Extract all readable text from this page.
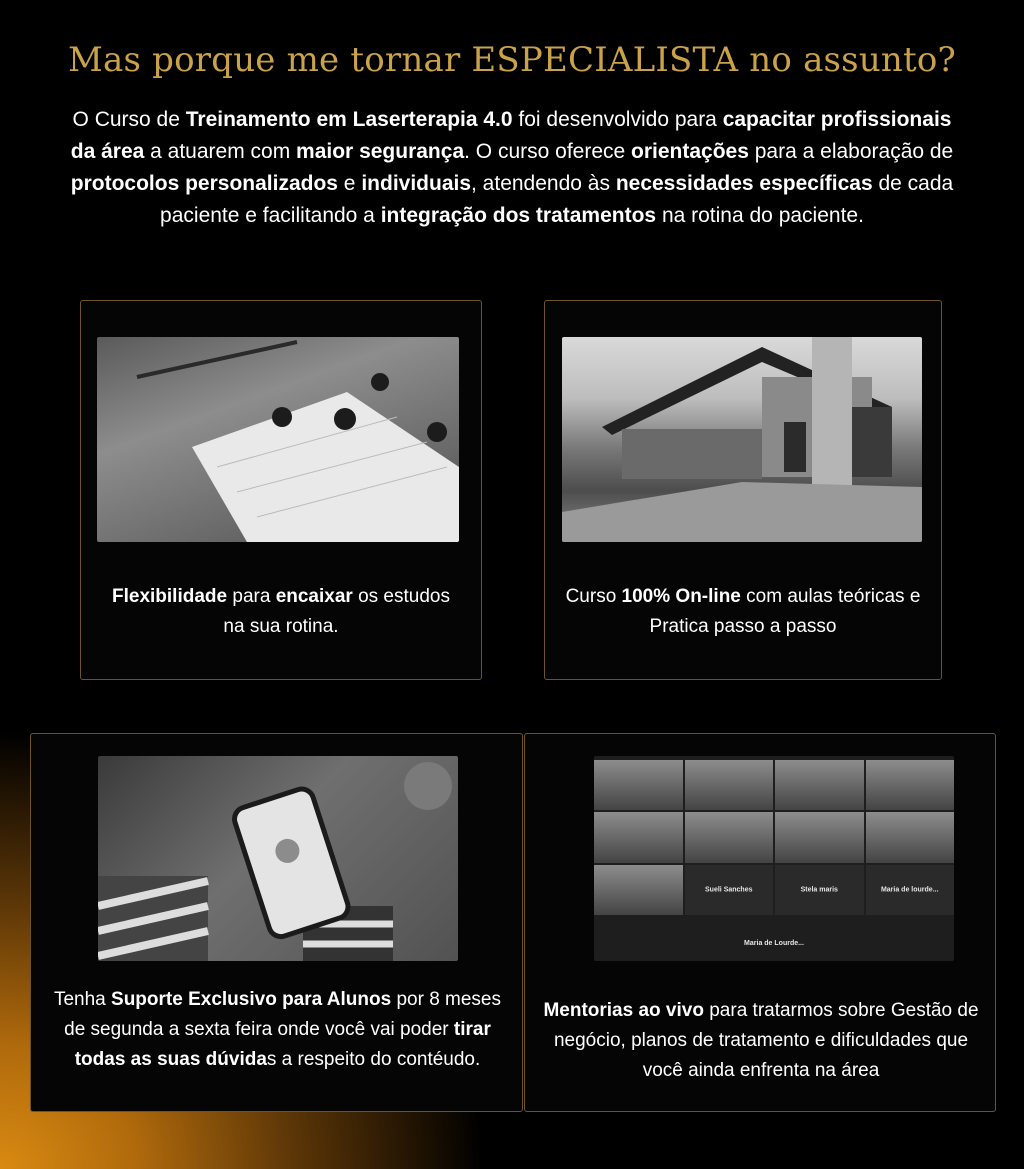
Mas porque me tornar ESPECIALISTA no assunto?

O Curso de Treinamento em Laserterapia 4.0 foi desenvolvido para capacitar profissionais da área a atuarem com maior segurança. O curso oferece orientações para a elaboração de protocolos personalizados e individuais, atendendo às necessidades específicas de cada paciente e facilitando a integração dos tratamentos na rotina do paciente.

Flexibilidade para encaixar os estudos na sua rotina.
Curso 100% On-line com aulas teóricas e Pratica passo a passo
Tenha Suporte Exclusivo para Alunos por 8 meses de segunda a sexta feira onde você vai poder tirar todas as suas dúvidas a respeito do contéudo.
Sueli Sanches	Stela maris	Maria de lourde...
Maria de Lourde...
Mentorias ao vivo para tratarmos sobre Gestão de negócio, planos de tratamento e dificuldades que você ainda enfrenta na área
